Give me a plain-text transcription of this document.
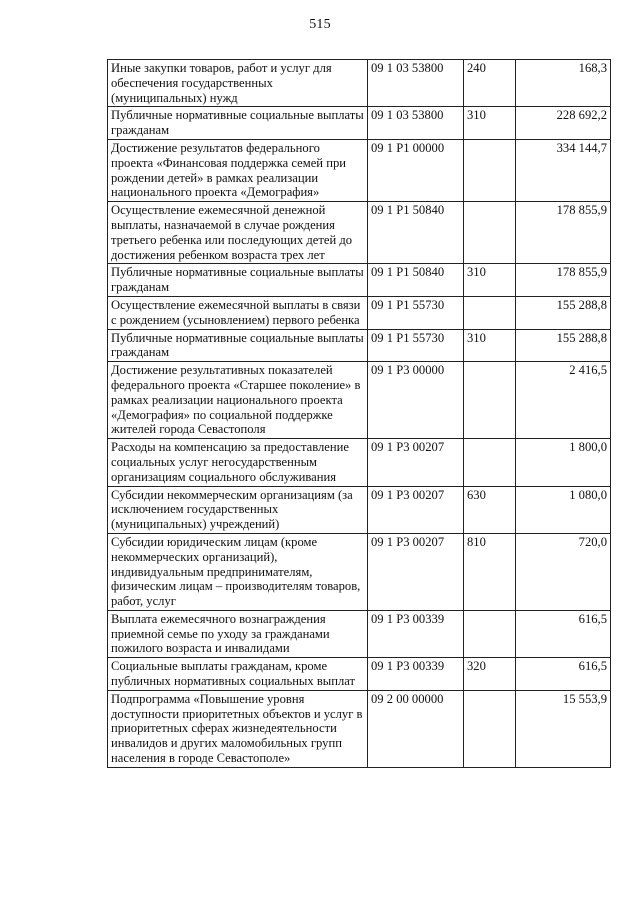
515
Иные закупки товаров, работ и услуг для обеспечения государственных (муниципальных) нужд	09 1 03 53800	240	168,3
Публичные нормативные социальные выплаты гражданам	09 1 03 53800	310	228 692,2
Достижение результатов федерального проекта «Финансовая поддержка семей при рождении детей» в рамках реализации национального проекта «Демография»	09 1 P1 00000		334 144,7
Осуществление ежемесячной денежной выплаты, назначаемой в случае рождения третьего ребенка или последующих детей до достижения ребенком возраста трех лет	09 1 P1 50840		178 855,9
Публичные нормативные социальные выплаты гражданам	09 1 P1 50840	310	178 855,9
Осуществление ежемесячной выплаты в связи с рождением (усыновлением) первого ребенка	09 1 P1 55730		155 288,8
Публичные нормативные социальные выплаты гражданам	09 1 P1 55730	310	155 288,8
Достижение результативных показателей федерального проекта «Старшее поколение» в рамках реализации национального проекта «Демография» по социальной поддержке жителей города Севастополя	09 1 P3 00000		2 416,5
Расходы на компенсацию за предоставление социальных услуг негосударственным организациям социального обслуживания	09 1 P3 00207		1 800,0
Субсидии некоммерческим организациям (за исключением государственных (муниципальных) учреждений)	09 1 P3 00207	630	1 080,0
Субсидии юридическим лицам (кроме некоммерческих организаций), индивидуальным предпринимателям, физическим лицам – производителям товаров, работ, услуг	09 1 P3 00207	810	720,0
Выплата ежемесячного вознаграждения приемной семье по уходу за гражданами пожилого возраста и инвалидами	09 1 P3 00339		616,5
Социальные выплаты гражданам, кроме публичных нормативных социальных выплат	09 1 P3 00339	320	616,5
Подпрограмма «Повышение уровня доступности приоритетных объектов и услуг в приоритетных сферах жизнедеятельности инвалидов и других маломобильных групп населения в городе Севастополе»	09 2 00 00000		15 553,9
